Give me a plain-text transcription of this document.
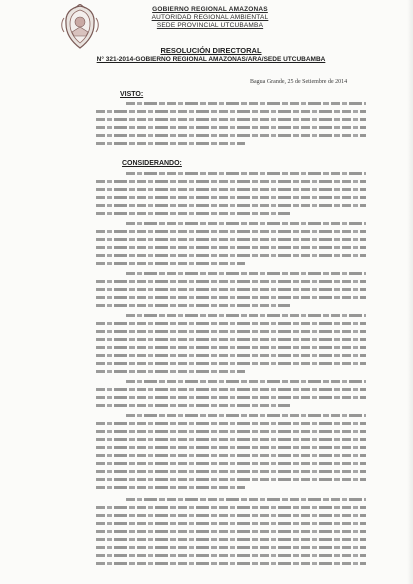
GOBIERNO REGIONAL AMAZONAS
AUTORIDAD REGIONAL AMBIENTAL
SEDE PROVINCIAL UTCUBAMBA
RESOLUCIÓN DIRECTORAL
N° 321-2014-GOBIERNO REGIONAL AMAZONAS/ARA/SEDE UTCUBAMBA
Bagua Grande, 25 de Setiembre de 2014
VISTO:
CONSIDERANDO:
